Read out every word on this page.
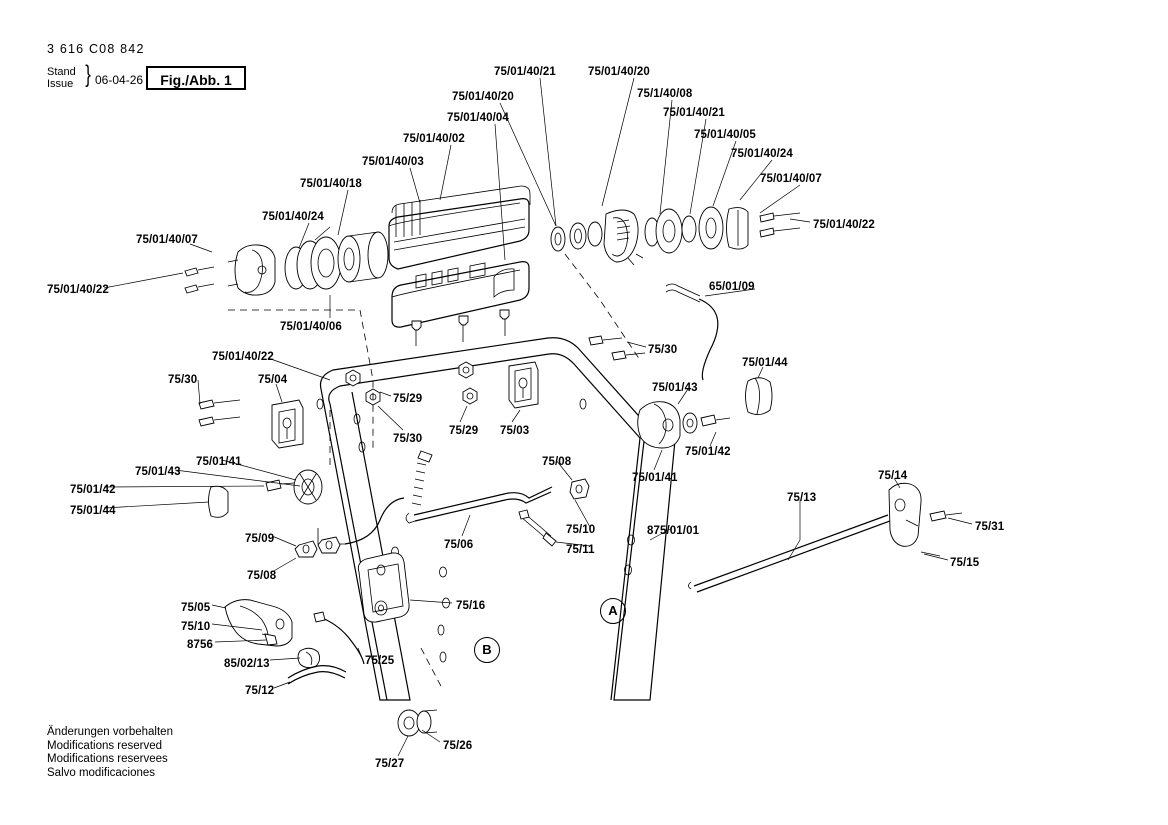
3 616 C08 842
Stand
Issue } 06-04-26	Fig./Abb. 1	75/01/40/21	75/01/40/20
75/1/40/08
75/01/40/20
75/01/40/21
75/01/40/04
75/01/40/05
75/01/40/02
75/01/40/24
75/01/40/03
75/01/40/07
75/01/40/18
75/01/40/24
75/01/40/22
75/01/40/07
75/01/40/22
75/01/40/06
65/01/09
75/30
75/01/44
75/01/40/22
75/30	75/04
75/01/43
75/29
75/29 75/03
75/30
75/01/42
75/01/41
75/01/43	75/01/41
75/08
75/01/42
75/01/44
75/14
75/13
75/31
75/09
75/10	875/01/01
75/06	75/11
75/15
75/08
75/16
75/05
75/10
8756
75/25
85/02/13
75/12
75/26
75/27
A
B
Änderungen vorbehalten
Modifications reserved
Modifications reservees
Salvo modificaciones
